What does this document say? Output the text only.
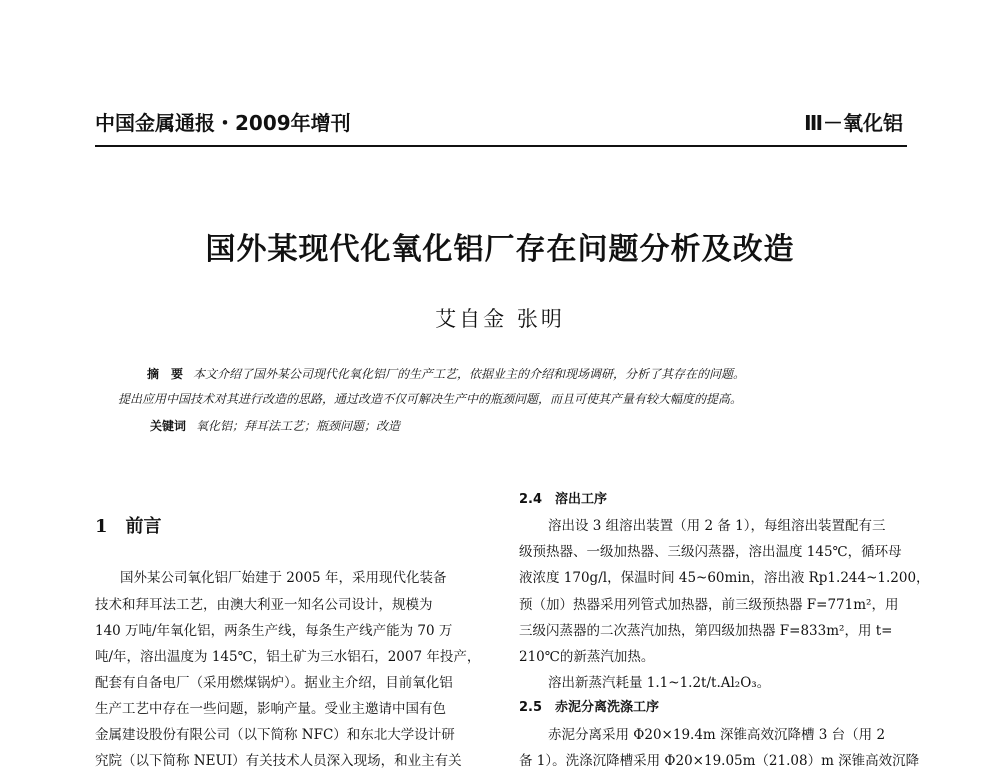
中国金属通报・2009年增刊	Ⅲ－氧化铝
国外某现代化氧化铝厂存在问题分析及改造
艾自金 张明
摘　要 本文介绍了国外某公司现代化氧化铝厂的生产工艺，依据业主的介绍和现场调研，分析了其存在的问题。
提出应用中国技术对其进行改造的思路，通过改造不仅可解决生产中的瓶颈问题，而且可使其产量有较大幅度的提高。
关键词 氧化铝；拜耳法工艺；瓶颈问题；改造
1　前言
国外某公司氧化铝厂始建于 2005 年，采用现代化装备
技术和拜耳法工艺，由澳大利亚一知名公司设计，规模为
140 万吨/年氧化铝，两条生产线，每条生产线产能为 70 万
吨/年，溶出温度为 145℃，铝土矿为三水铝石，2007 年投产，
配套有自备电厂（采用燃煤锅炉）。据业主介绍，目前氧化铝
生产工艺中存在一些问题，影响产量。受业主邀请中国有色
金属建设股份有限公司（以下简称 NFC）和东北大学设计研
究院（以下简称 NEUI）有关技术人员深入现场，和业主有关
2.4　溶出工序
溶出设 3 组溶出装置（用 2 备 1），每组溶出装置配有三
级预热器、一级加热器、三级闪蒸器，溶出温度 145℃，循环母
液浓度 170g/l，保温时间 45~60min，溶出液 Rp1.244~1.200，
预（加）热器采用列管式加热器，前三级预热器 F=771m²，用
三级闪蒸器的二次蒸汽加热，第四级加热器 F=833m²，用 t=
210℃的新蒸汽加热。
溶出新蒸汽耗量 1.1~1.2t/t.Al₂O₃。
2.5　赤泥分离洗涤工序
赤泥分离采用 Φ20×19.4m 深锥高效沉降槽 3 台（用 2
备 1）。洗涤沉降槽采用 Φ20×19.05m（21.08）m 深锥高效沉降
